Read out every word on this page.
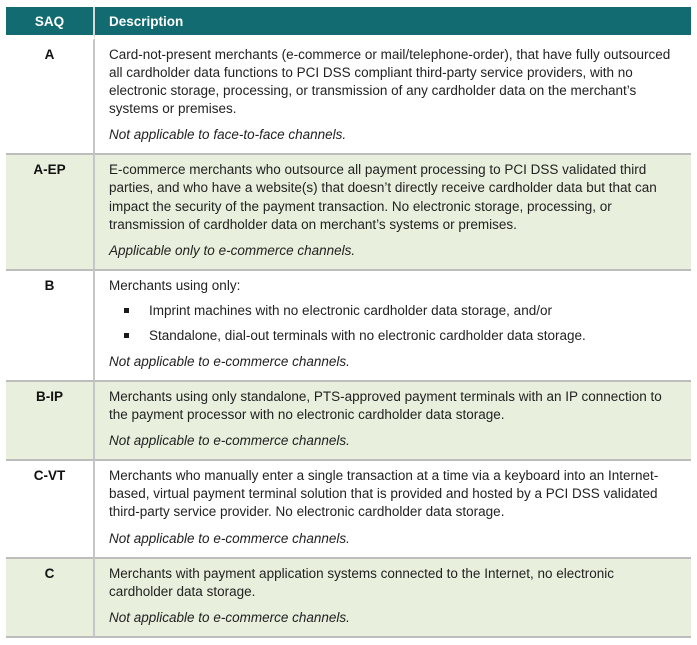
SAQ	Description
A	Card-not-present merchants (e-commerce or mail/telephone-order), that have fully outsourced all cardholder data functions to PCI DSS compliant third-party service providers, with no electronic storage, processing, or transmission of any cardholder data on the merchant’s systems or premises.

Not applicable to face-to-face channels.

A-EP	E-commerce merchants who outsource all payment processing to PCI DSS validated third parties, and who have a website(s) that doesn’t directly receive cardholder data but that can impact the security of the payment transaction. No electronic storage, processing, or transmission of cardholder data on merchant’s systems or premises.

Applicable only to e-commerce channels.

B	Merchants using only:

Imprint machines with no electronic cardholder data storage, and/or
Standalone, dial-out terminals with no electronic cardholder data storage.

Not applicable to e-commerce channels.

B-IP	Merchants using only standalone, PTS-approved payment terminals with an IP connection to the payment processor with no electronic cardholder data storage.

Not applicable to e-commerce channels.

C-VT	Merchants who manually enter a single transaction at a time via a keyboard into an Internet-based, virtual payment terminal solution that is provided and hosted by a PCI DSS validated third-party service provider. No electronic cardholder data storage.

Not applicable to e-commerce channels.

C	Merchants with payment application systems connected to the Internet, no electronic cardholder data storage.

Not applicable to e-commerce channels.
